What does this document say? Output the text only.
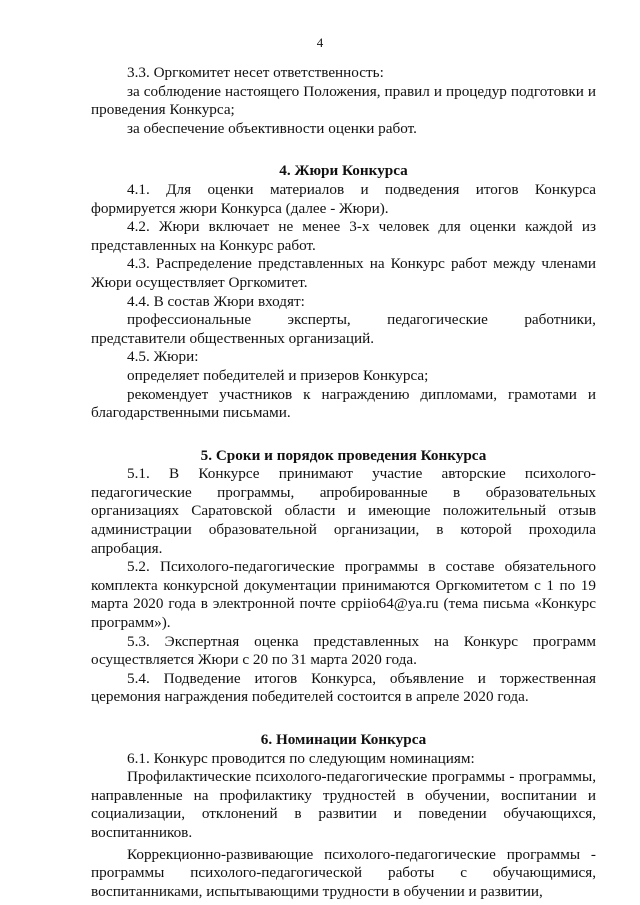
4

3.3. Оргкомитет несет ответственность:

за соблюдение настоящего Положения, правил и процедур подготовки и проведения Конкурса;

за обеспечение объективности оценки работ.

4. Жюри Конкурса

4.1. Для оценки материалов и подведения итогов Конкурса формируется жюри Конкурса (далее - Жюри).

4.2. Жюри включает не менее 3-х человек для оценки каждой из представленных на Конкурс работ.

4.3. Распределение представленных на Конкурс работ между членами Жюри осуществляет Оргкомитет.

4.4. В состав Жюри входят:

профессиональные эксперты, педагогические работники,

представители общественных организаций.

4.5. Жюри:

определяет победителей и призеров Конкурса;

рекомендует участников к награждению дипломами, грамотами и благодарственными письмами.

5. Сроки и порядок проведения Конкурса

5.1. В Конкурсе принимают участие авторские психолого-педагогические программы, апробированные в образовательных организациях Саратовской области и имеющие положительный отзыв администрации образовательной организации, в которой проходила апробация.

5.2. Психолого-педагогические программы в составе обязательного комплекта конкурсной документации принимаются Оргкомитетом с 1 по 19 марта 2020 года в электронной почте cppiio64@ya.ru (тема письма «Конкурс программ»).

5.3. Экспертная оценка представленных на Конкурс программ осуществляется Жюри с 20 по 31 марта 2020 года.

5.4. Подведение итогов Конкурса, объявление и торжественная церемония награждения победителей состоится в апреле 2020 года.

6. Номинации Конкурса

6.1. Конкурс проводится по следующим номинациям:

Профилактические психолого-педагогические программы - программы, направленные на профилактику трудностей в обучении, воспитании и социализации, отклонений в развитии и поведении обучающихся, воспитанников.

Коррекционно-развивающие психолого-педагогические программы - программы психолого-педагогической работы с обучающимися, воспитанниками, испытывающими трудности в обучении и развитии,
